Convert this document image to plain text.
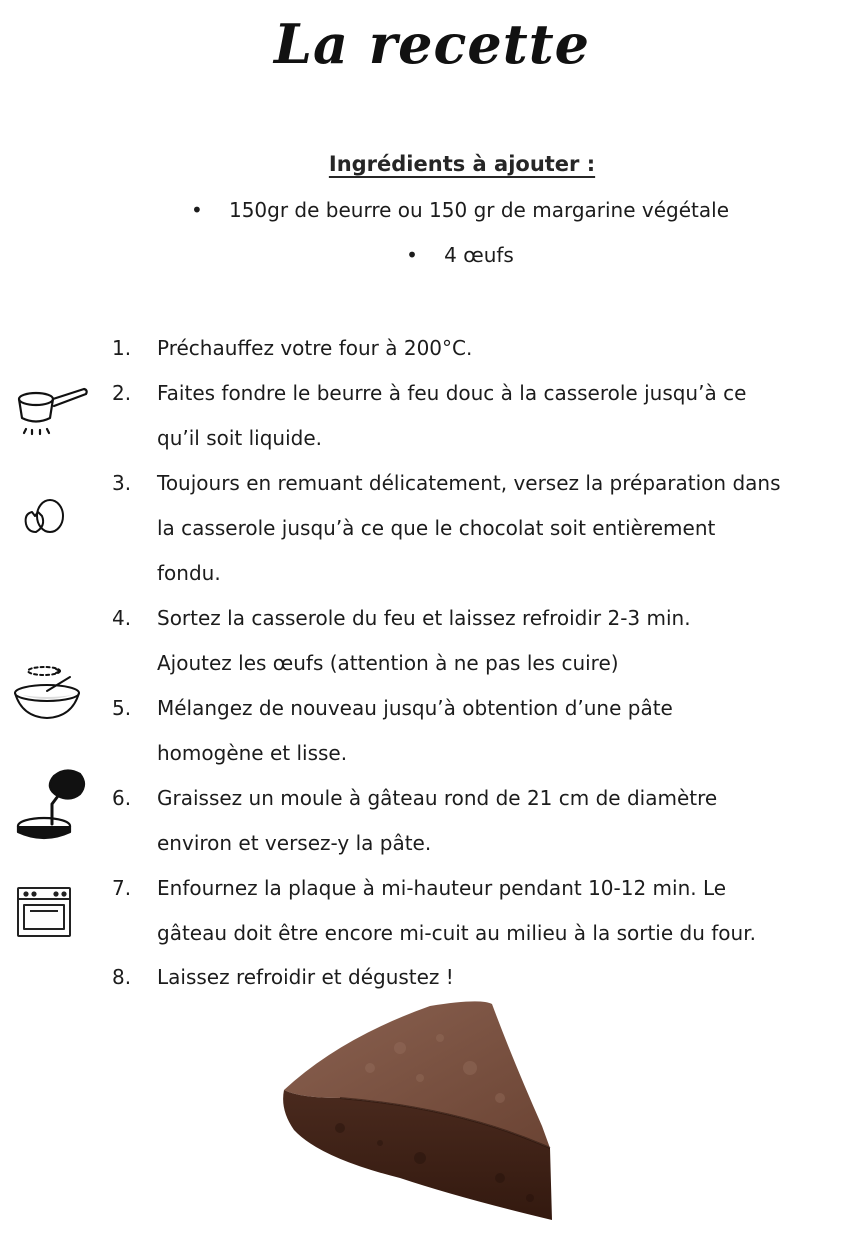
La recette
Ingrédients à ajouter :
• 150gr de beurre ou 150 gr de margarine végétale
• 4 œufs
1.	Préchauffez votre four à 200°C.
2.	Faites fondre le beurre à feu douc à la casserole jusqu’à ce
qu’il soit liquide.
3.	Toujours en remuant délicatement, versez la préparation dans
la casserole jusqu’à ce que le chocolat soit entièrement
fondu.
4.	Sortez la casserole du feu et laissez refroidir 2-3 min.
Ajoutez les œufs (attention à ne pas les cuire)
5.	Mélangez de nouveau jusqu’à obtention d’une pâte
homogène et lisse.
6.	Graissez un moule à gâteau rond de 21 cm de diamètre
environ et versez-y la pâte.
7.	Enfournez la plaque à mi-hauteur pendant 10-12 min. Le
gâteau doit être encore mi-cuit au milieu à la sortie du four.
8.	Laissez refroidir et dégustez !
